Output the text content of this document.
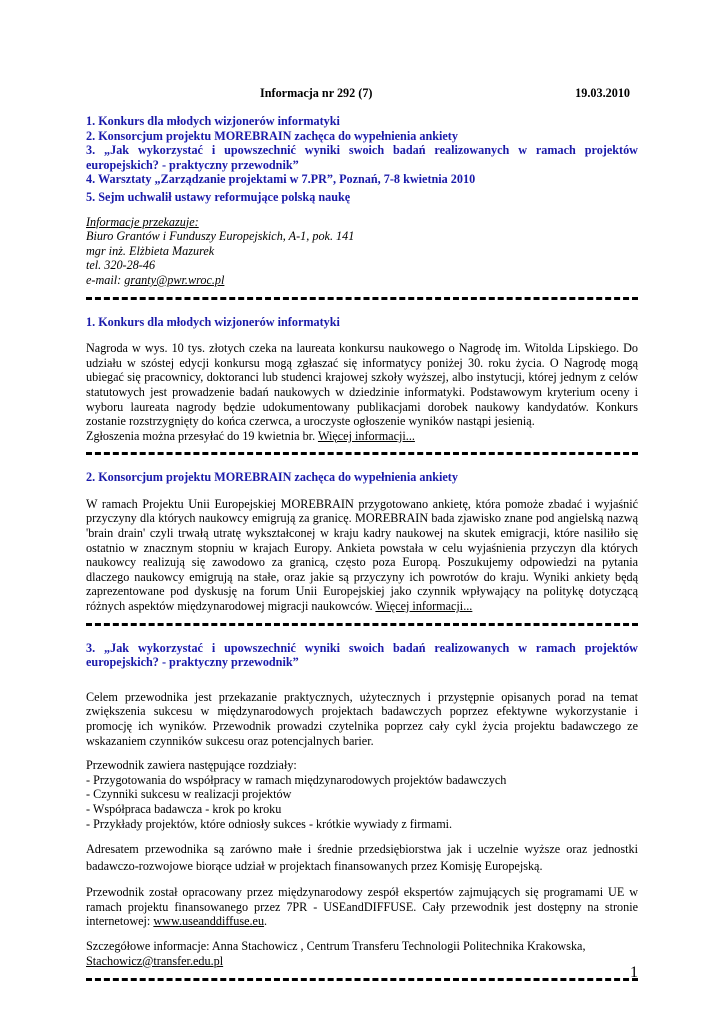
Informacja nr 292 (7)	19.03.2010

1. Konkurs dla młodych wizjonerów informatyki

2. Konsorcjum projektu MOREBRAIN zachęca do wypełnienia ankiety

3. „Jak wykorzystać i upowszechnić wyniki swoich badań realizowanych w ramach projektów europejskich? - praktyczny przewodnik”

4. Warsztaty „Zarządzanie projektami w 7.PR”, Poznań, 7-8 kwietnia 2010

5. Sejm uchwalił ustawy reformujące polską naukę

Informacje przekazuje:

Biuro Grantów i Funduszy Europejskich, A-1, pok. 141

mgr inż. Elżbieta Mazurek

tel. 320-28-46

e-mail: granty@pwr.wroc.pl

1. Konkurs dla młodych wizjonerów informatyki

Nagroda w wys. 10 tys. złotych czeka na laureata konkursu naukowego o Nagrodę im. Witolda Lipskiego. Do udziału w szóstej edycji konkursu mogą zgłaszać się informatycy poniżej 30. roku życia. O Nagrodę mogą ubiegać się pracownicy, doktoranci lub studenci krajowej szkoły wyższej, albo instytucji, której jednym z celów statutowych jest prowadzenie badań naukowych w dziedzinie informatyki. Podstawowym kryterium oceny i wyboru laureata nagrody będzie udokumentowany publikacjami dorobek naukowy kandydatów. Konkurs zostanie rozstrzygnięty do końca czerwca, a uroczyste ogłoszenie wyników nastąpi jesienią.

Zgłoszenia można przesyłać do 19 kwietnia br. Więcej informacji...

2. Konsorcjum projektu MOREBRAIN zachęca do wypełnienia ankiety

W ramach Projektu Unii Europejskiej MOREBRAIN przygotowano ankietę, która pomoże zbadać i wyjaśnić przyczyny dla których naukowcy emigrują za granicę. MOREBRAIN bada zjawisko znane pod angielską nazwą 'brain drain' czyli trwałą utratę wykształconej w kraju kadry naukowej na skutek emigracji, które nasiliło się ostatnio w znacznym stopniu w krajach Europy. Ankieta powstała w celu wyjaśnienia przyczyn dla których naukowcy realizują się zawodowo za granicą, często poza Europą. Poszukujemy odpowiedzi na pytania dlaczego naukowcy emigrują na stałe, oraz jakie są przyczyny ich powrotów do kraju. Wyniki ankiety będą zaprezentowane pod dyskusję na forum Unii Europejskiej jako czynnik wpływający na politykę dotyczącą różnych aspektów międzynarodowej migracji naukowców. Więcej informacji...

3. „Jak wykorzystać i upowszechnić wyniki swoich badań realizowanych w ramach projektów europejskich? - praktyczny przewodnik”

Celem przewodnika jest przekazanie praktycznych, użytecznych i przystępnie opisanych porad na temat zwiększenia sukcesu w międzynarodowych projektach badawczych poprzez efektywne wykorzystanie i promocję ich wyników. Przewodnik prowadzi czytelnika poprzez cały cykl życia projektu badawczego ze wskazaniem czynników sukcesu oraz potencjalnych barier.

Przewodnik zawiera następujące rozdziały:

- Przygotowania do współpracy w ramach międzynarodowych projektów badawczych

- Czynniki sukcesu w realizacji projektów

- Współpraca badawcza - krok po kroku

- Przykłady projektów, które odniosły sukces - krótkie wywiady z firmami.

Adresatem przewodnika są zarówno małe i średnie przedsiębiorstwa jak i uczelnie wyższe oraz jednostki badawczo-rozwojowe biorące udział w projektach finansowanych przez Komisję Europejską.

Przewodnik został opracowany przez międzynarodowy zespół ekspertów zajmujących się programami UE w ramach projektu finansowanego przez 7PR - USEandDIFFUSE. Cały przewodnik jest dostępny na stronie internetowej: www.useanddiffuse.eu.

Szczegółowe informacje: Anna Stachowicz , Centrum Transferu Technologii Politechnika Krakowska, Stachowicz@transfer.edu.pl

1
